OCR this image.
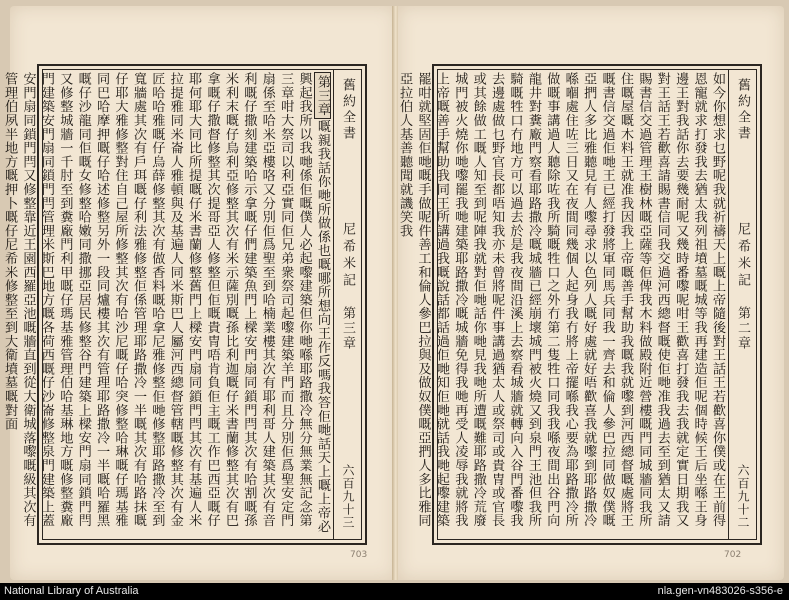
舊約全書
尼希米記
第三章
六百九十三
第三章嘅親我話你哋所做係也嘅哪所想向王作反嗎我答佢哋話天上嘅上帝必興起我所以我哋係佢嘅僕人必起嚟建築但你哋喺耶路撒冷無分無業無記念第三章咁大祭司以利亞實同佢兄弟衆祭司起嚟建築羊門而且分別佢爲聖安定門扇係至哈米亞樓咯又分別佢爲聖至到哈楠業樓其次有耶利哥人建築其次有音利嘅仔撒刻建築哈示拿嘅仔們建築魚門上樑安門扇同鎖門閂其次有哈割嘅孫米利末嘅仔烏利亞修整其次有米示薩別嘅孫比利迦嘅仔米書蘭修整其次有巴拿嘅仔撒督修整其次提哥亞人修整但佢嘅貴冑唔肯負佢主嘅工作巴西亞嘅仔耶何耶大同比所提嘅仔米書蘭修整舊門上樑安門扇同鎖門閂其次有基遍人米拉提雅同米崙人雅頓與及基遍人同米斯巴人屬河西總督管轄嘅修整其次有金匠哈哈雅嘅仔烏薛修整其次有做香料嘅哈拿尼雅修整佢哋修整耶路撒冷至到寬牆處其次有戶珥嘅仔利法雅修整佢係管理耶路撒冷一半嘅其次有哈路抹嘅仔耶大雅修整對住自己屋所修整其次有哈沙尼嘅仔哈突修整哈琳嘅仔瑪基雅同巴哈摩押嘅仔哈述修整另外一段同爐樓其次有管理耶路撒冷一半嘅哈羅黑嘅仔沙龍同佢嘅女修整哈嫩同撒挪亞居民修整谷門建築上樑安門扇同鎖門閂又修整城牆一千肘至到糞廠門利甲嘅仔瑪基雅管理伯哈基琳地方嘅修整糞廠門建築安門扇同鎖門閂管理米斯巴地方嘅各荷西嘅仔沙崙修整泉門建築上蓋安門扇同鎖門閂又修整靠近王園西羅亞池嘅牆直到從大衛城落嚟嘅級其次有管理伯夙半地方嘅押卜嘅仔尼希米修整至到大衛墳墓嘅對面
703
舊約全書
尼希米記
第二章
六百九十二
如今你想求乜野呢我就祈禱天上嘅上帝隨後對王話王若歡喜你僕或在王前得恩寵就求打發我去猶太我列祖墳墓嘅城等我再建造佢呢個時候王后坐喺王身邊王對我話你去要幾耐呢又幾時番嚟呢咁王歡喜打發我去我就定實日期我又對王話王若歡喜請賜書信同我交過河西總督嘅使佢哋准我過去至到猶太又請賜書信交過管理王樹林嘅亞薩等佢俾我木料做殿附近營樓嘅門同城牆同我所住嘅屋嘅木料王就准我因我上帝嘅善手幫助我嘅我就嚟到河西總督嘅處將王嘅書信交過佢哋王已經打發將軍同馬兵同我一齊去和倫人參巴拉同做奴僕嘅亞捫人多比雅聽見有人嚟尋求以色列人嘅好處就好唔歡喜我就嚟到耶路撒冷喺嗰處住咗三日又在夜間同幾個人起身我冇將上帝擺喺我心要為耶路撒冷所做嘅事講過人聽除咗我所騎嘅牲口之外冇第二隻牲口同我我喺夜間出谷門向龍井對糞廠門察看耶路撒冷嘅城牆已經崩壞城門被火燒又到泉門王池但我所騎嘅牲口冇地方可以過去於是我夜間沿溪上去察看城牆就轉向入谷門番嚟我去邊處做乜野官長都唔知我亦未曾將呢件事講過猶太人或祭司或貴冑或官長或其餘做工嘅人知至到呢陣我就對佢哋話你哋見我哋所遭嘅難耶路撒冷荒廢城門被火燒你哋嚟罷我哋建築耶路撒冷嘅城牆免得我哋再受人凌辱我就將我上帝嘅善手幫助我同王所講過我嘅說話都話過佢哋知佢哋就話我哋起嚟建築罷咁就堅固佢哋嘅手做呢件善工和倫人參巴拉與及做奴僕嘅亞捫人多比雅同亞拉伯人基善聽聞就譏笑我
702
National Library of Australia	nla.gen-vn483026-s356-e
